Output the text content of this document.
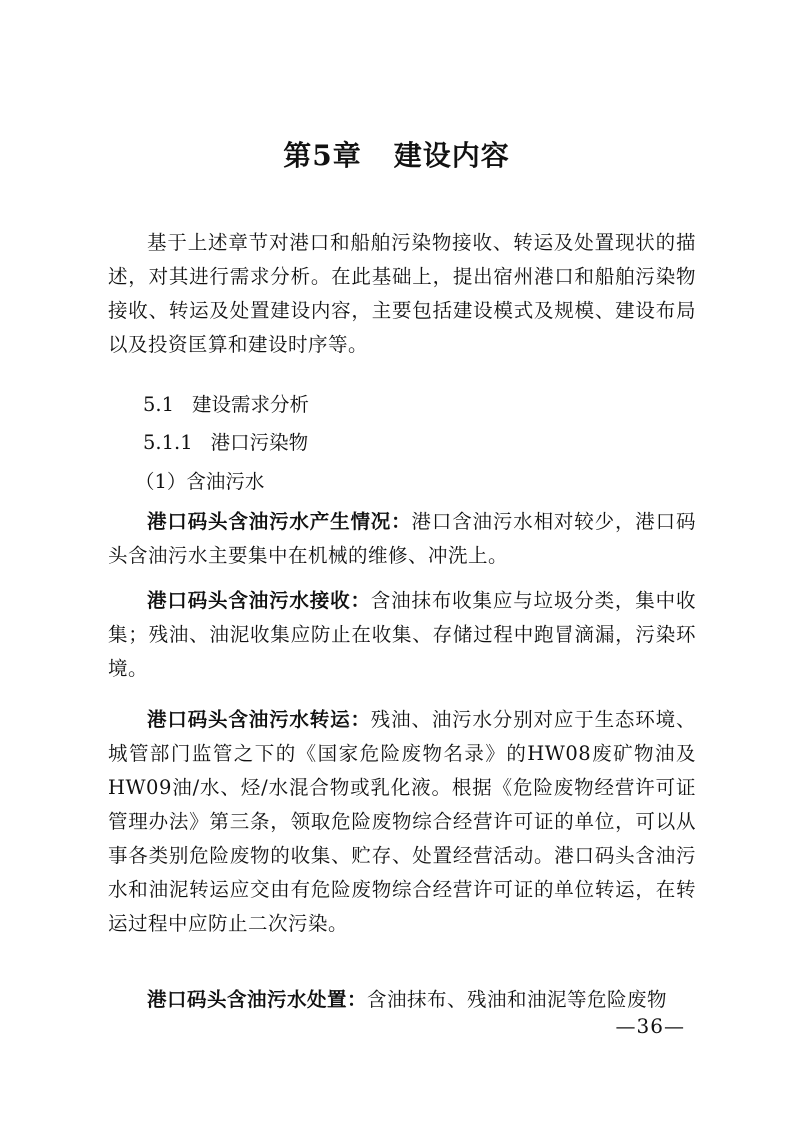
第5章 建设内容

基于上述章节对港口和船舶污染物接收、转运及处置现状的描述，对其进行需求分析。在此基础上，提出宿州港口和船舶污染物接收、转运及处置建设内容，主要包括建设模式及规模、建设布局以及投资匡算和建设时序等。

5.1 建设需求分析
5.1.1 港口污染物
（1）含油污水

港口码头含油污水产生情况：港口含油污水相对较少，港口码头含油污水主要集中在机械的维修、冲洗上。

港口码头含油污水接收：含油抹布收集应与垃圾分类，集中收集；残油、油泥收集应防止在收集、存储过程中跑冒滴漏，污染环境。

港口码头含油污水转运：残油、油污水分别对应于生态环境、城管部门监管之下的《国家危险废物名录》的HW08废矿物油及HW09油/水、烃/水混合物或乳化液。根据《危险废物经营许可证管理办法》第三条，领取危险废物综合经营许可证的单位，可以从事各类别危险废物的收集、贮存、处置经营活动。港口码头含油污水和油泥转运应交由有危险废物综合经营许可证的单位转运，在转运过程中应防止二次污染。

港口码头含油污水处置：含油抹布、残油和油泥等危险废物

—36—
